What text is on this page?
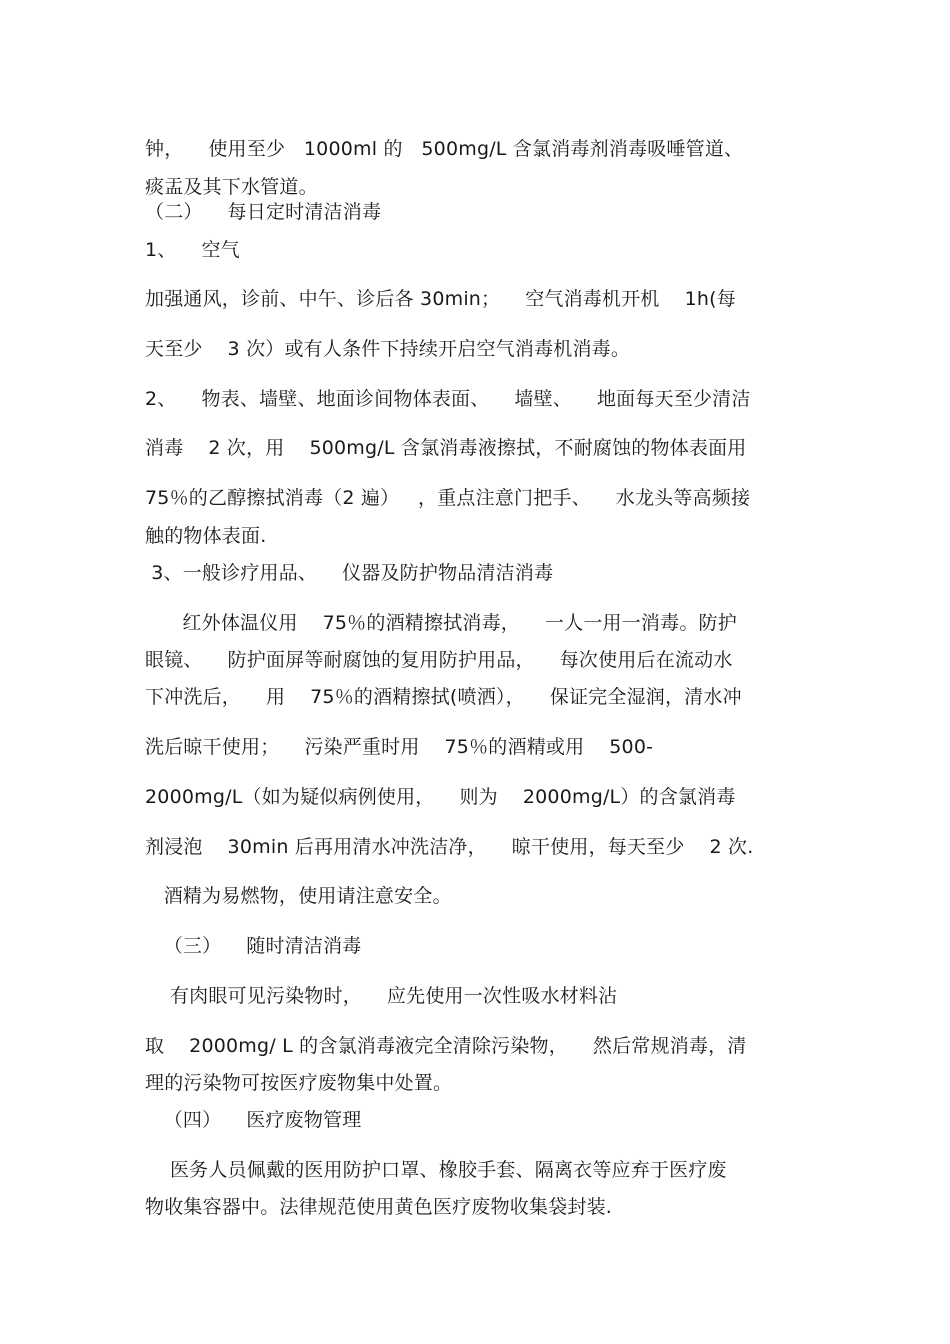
钟，    使用至少   1000ml 的   500mg/L 含氯消毒剂消毒吸唾管道、
痰盂及其下水管道。
（二）    每日定时清洁消毒
1、    空气
加强通风，诊前、中午、诊后各 30min；    空气消毒机开机    1h(每
天至少    3 次）或有人条件下持续开启空气消毒机消毒。
2、    物表、墙壁、地面诊间物体表面、    墙壁、    地面每天至少清洁
消毒    2 次，用    500mg/L 含氯消毒液擦拭，不耐腐蚀的物体表面用
75％的乙醇擦拭消毒（2 遍）   ，重点注意门把手、    水龙头等高频接
触的物体表面.
3、一般诊疗用品、    仪器及防护物品清洁消毒
红外体温仪用    75％的酒精擦拭消毒，    一人一用一消毒。防护
眼镜、    防护面屏等耐腐蚀的复用防护用品，    每次使用后在流动水
下冲洗后，    用    75％的酒精擦拭(喷洒），    保证完全湿润，清水冲
洗后晾干使用；    污染严重时用    75％的酒精或用    500-
2000mg/L（如为疑似病例使用，    则为    2000mg/L）的含氯消毒
剂浸泡    30min 后再用清水冲洗洁净，    晾干使用，每天至少    2 次.
酒精为易燃物，使用请注意安全。
（三）    随时清洁消毒
有肉眼可见污染物时，    应先使用一次性吸水材料沾
取    2000mg/ L 的含氯消毒液完全清除污染物，    然后常规消毒，清
理的污染物可按医疗废物集中处置。
（四）    医疗废物管理
医务人员佩戴的医用防护口罩、橡胶手套、隔离衣等应弃于医疗废
物收集容器中。法律规范使用黄色医疗废物收集袋封装.
